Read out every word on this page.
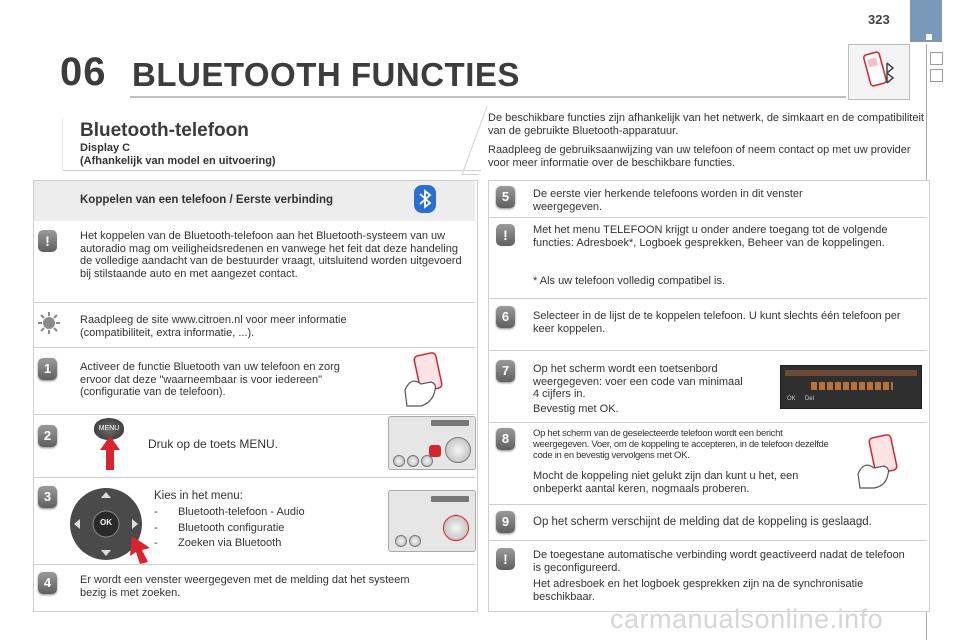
323
06 BLUETOOTH FUNCTIES
Bluetooth-telefoon
Display C
(Afhankelijk van model en uitvoering)
Koppelen van een telefoon / Eerste verbinding
!	Het koppelen van de Bluetooth-telefoon aan het Bluetooth-systeem van uw autoradio mag om veiligheidsredenen en vanwege het feit dat deze handeling de volledige aandacht van de bestuurder vraagt, uitsluitend worden uitgevoerd bij stilstaande auto en met aangezet contact.
Raadpleeg de site www.citroen.nl voor meer informatie (compatibiliteit, extra informatie, ...).
1	Activeer de functie Bluetooth van uw telefoon en zorg ervoor dat deze "waarneembaar is voor iedereen" (configuratie van de telefoon).
2	MENU
Druk op de toets MENU.
3
OK
Kies in het menu:
- Bluetooth-telefoon - Audio
- Bluetooth configuratie
- Zoeken via Bluetooth
4	Er wordt een venster weergegeven met de melding dat het systeem bezig is met zoeken.
De beschikbare functies zijn afhankelijk van het netwerk, de simkaart en de compatibiliteit van de gebruikte Bluetooth-apparatuur.
Raadpleeg de gebruiksaanwijzing van uw telefoon of neem contact op met uw provider voor meer informatie over de beschikbare functies.
5	De eerste vier herkende telefoons worden in dit venster weergegeven.
!	Met het menu TELEFOON krijgt u onder andere toegang tot de volgende functies: Adresboek*, Logboek gesprekken, Beheer van de koppelingen.
* Als uw telefoon volledig compatibel is.
6	Selecteer in de lijst de te koppelen telefoon. U kunt slechts één telefoon per keer koppelen.
7	Op het scherm wordt een toetsenbord weergegeven: voer een code van minimaal 4 cijfers in.
Bevestig met OK.
OK Del
8	Op het scherm van de geselecteerde telefoon wordt een bericht weergegeven. Voer, om de koppeling te accepteren, in de telefoon dezelfde code in en bevestig vervolgens met OK.
Mocht de koppeling niet gelukt zijn dan kunt u het, een onbeperkt aantal keren, nogmaals proberen.
9	Op het scherm verschijnt de melding dat de koppeling is geslaagd.
!	De toegestane automatische verbinding wordt geactiveerd nadat de telefoon is geconfigureerd.
Het adresboek en het logboek gesprekken zijn na de synchronisatie beschikbaar.
carmanualsonline.info
